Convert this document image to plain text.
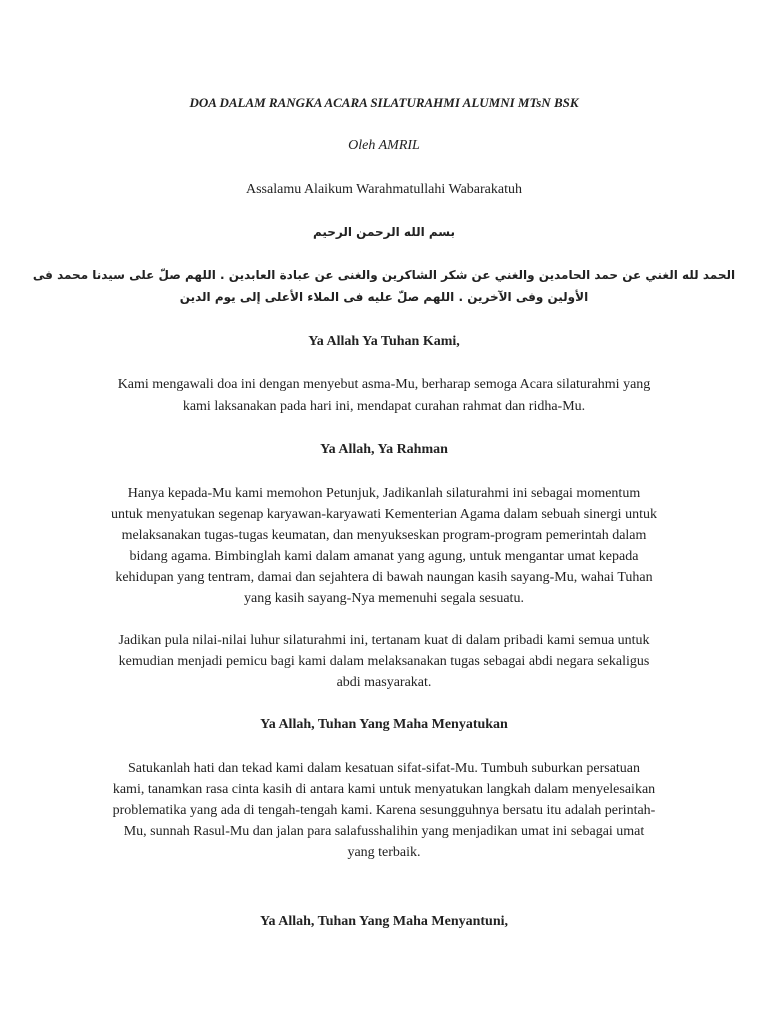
DOA DALAM RANGKA ACARA SILATURAHMI ALUMNI MTsN BSK
Oleh AMRIL
Assalamu Alaikum Warahmatullahi Wabarakatuh
بسم الله الرحمن الرحيم
الحمد لله الغني عن حمد الحامدين والغني عن شكر الشاكرين والغنى عن عبادة العابدين . اللهم صلّ على سيدنا محمد فى
الأولين وفى الآخرين . اللهم صلّ عليه فى الملاء الأعلى إلى يوم الدين
Ya Allah Ya Tuhan Kami,
Kami mengawali doa ini dengan menyebut asma-Mu, berharap semoga Acara silaturahmi yang
kami laksanakan pada hari ini, mendapat curahan rahmat dan ridha-Mu.
Ya Allah, Ya Rahman
Hanya kepada-Mu kami memohon Petunjuk, Jadikanlah silaturahmi ini sebagai momentum
untuk menyatukan segenap karyawan-karyawati Kementerian Agama dalam sebuah sinergi untuk
melaksanakan tugas-tugas keumatan, dan menyukseskan program-program pemerintah dalam
bidang agama. Bimbinglah kami dalam amanat yang agung, untuk mengantar umat kepada
kehidupan yang tentram, damai dan sejahtera di bawah naungan kasih sayang-Mu, wahai Tuhan
yang kasih sayang-Nya memenuhi segala sesuatu.
Jadikan pula nilai-nilai luhur silaturahmi ini, tertanam kuat di dalam pribadi kami semua untuk
kemudian menjadi pemicu bagi kami dalam melaksanakan tugas sebagai abdi negara sekaligus
abdi masyarakat.
Ya Allah, Tuhan Yang Maha Menyatukan
Satukanlah hati dan tekad kami dalam kesatuan sifat-sifat-Mu. Tumbuh suburkan persatuan
kami, tanamkan rasa cinta kasih di antara kami untuk menyatukan langkah dalam menyelesaikan
problematika yang ada di tengah-tengah kami. Karena sesungguhnya bersatu itu adalah perintah-
Mu, sunnah Rasul-Mu dan jalan para salafusshalihin yang menjadikan umat ini sebagai umat
yang terbaik.
Ya Allah, Tuhan Yang Maha Menyantuni,
